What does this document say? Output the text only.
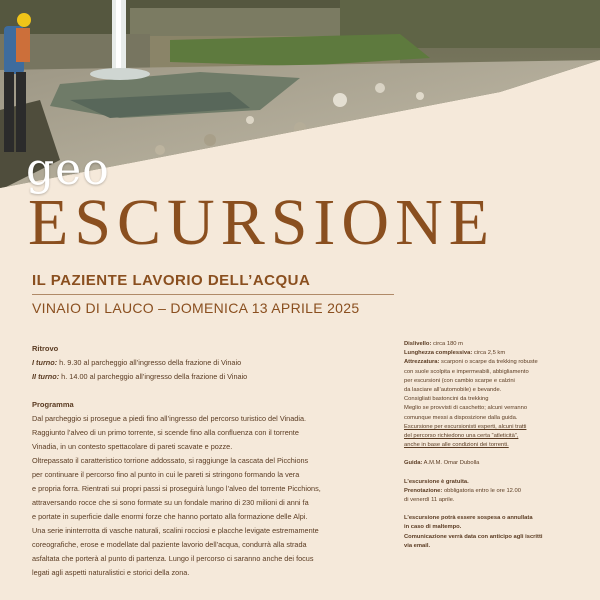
geo
ESCURSIONE
IL PAZIENTE LAVORIO DELL’ACQUA
VINAIO DI LAUCO – DOMENICA 13 APRILE 2025

Ritrovo

I turno: h. 9.30 al parcheggio all’ingresso della frazione di Vinaio

II turno: h. 14.00 al parcheggio all’ingresso della frazione di Vinaio

Programma

Dal parcheggio si prosegue a piedi fino all’ingresso del percorso turistico del Vinadia.

Raggiunto l’alveo di un primo torrente, si scende fino alla confluenza con il torrente

Vinadia, in un contesto spettacolare di pareti scavate e pozze.

Oltrepassato il caratteristico torrione addossato, si raggiunge la cascata del Picchions

per continuare il percorso fino al punto in cui le pareti si stringono formando la vera

e propria forra. Rientrati sui propri passi si proseguirà lungo l’alveo del torrente Picchions,

attraversando rocce che si sono formate su un fondale marino di 230 milioni di anni fa

e portate in superficie dalle enormi forze che hanno portato alla formazione delle Alpi.

Una serie ininterrotta di vasche naturali, scalini rocciosi e placche levigate estremamente

coreografiche, erose e modellate dal paziente lavorio dell’acqua, condurrà alla strada

asfaltata che porterà al punto di partenza. Lungo il percorso ci saranno anche dei focus

legati agli aspetti naturalistici e storici della zona.

Dislivello: circa 180 m

Lunghezza complessiva: circa 2,5 km

Attrezzatura: scarponi o scarpe da trekking robuste

con suole scolpita e impermeabili, abbigliamento

per escursioni (con cambio scarpe e calzini

da lasciare all’automobile) e bevande.

Consigliati bastoncini da trekking

Meglio se provvisti di caschetto; alcuni verranno

comunque messi a disposizione dalla guida.

Escursione per escursionisti esperti, alcuni tratti

del percorso richiedono una certa “atleticità”,

anche in base alle condizioni dei torrenti.

Guida: A.M.M. Omar Dubolla

L’escursione è gratuita.

Prenotazione: obbligatoria entro le ore 12.00

di venerdì 11 aprile.

L’escursione potrà essere sospesa o annullata

in caso di maltempo.

Comunicazione verrà data con anticipo agli iscritti

via email.
